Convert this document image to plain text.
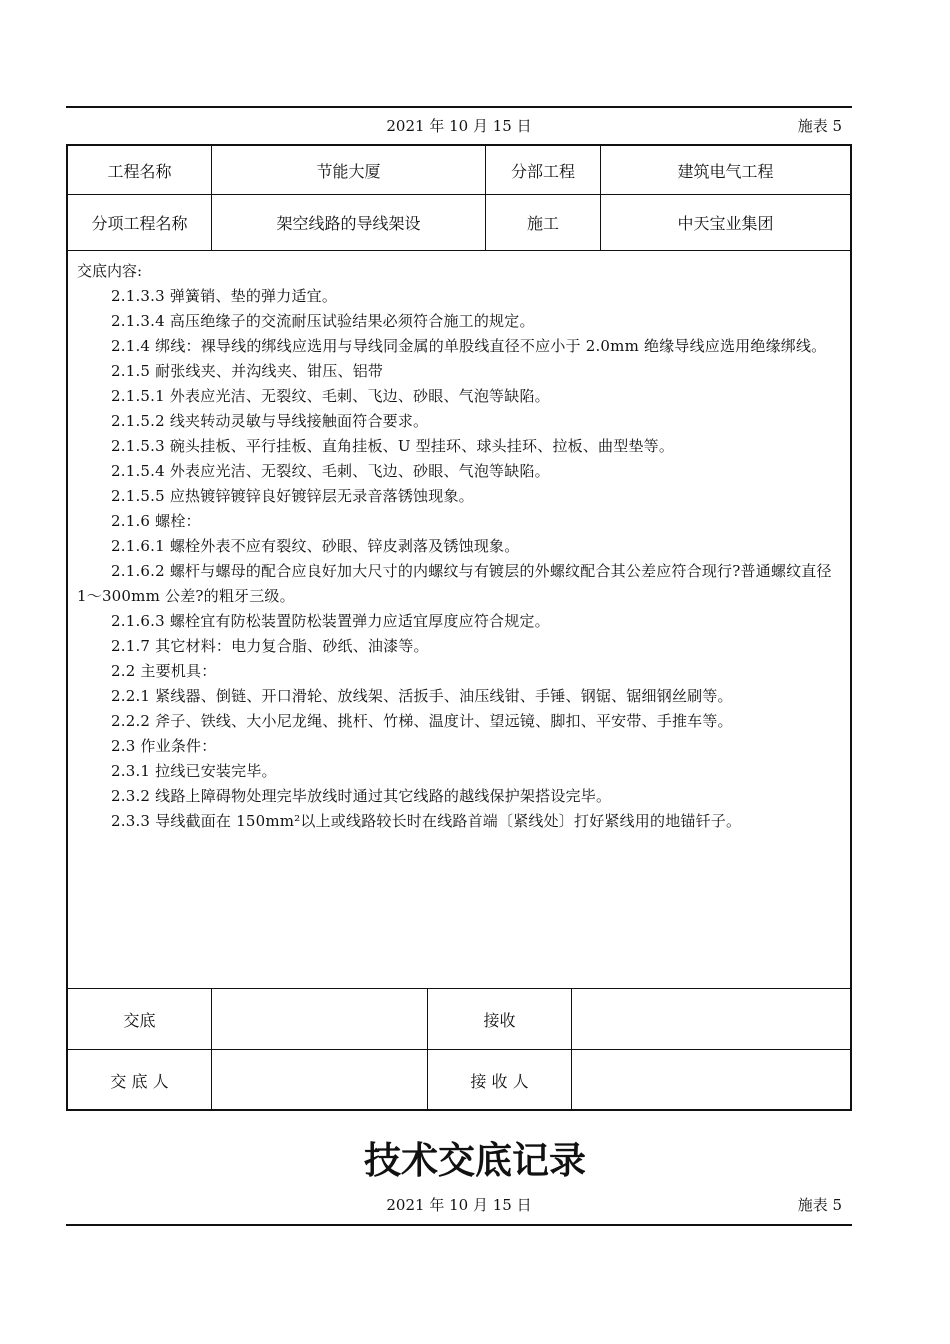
2021 年 10 月 15 日	施表 5
工程名称	节能大厦	分部工程	建筑电气工程
分项工程名称	架空线路的导线架设	施工	中天宝业集团
交底内容:

2.1.3.3 弹簧销、垫的弹力适宜。

2.1.3.4 高压绝缘子的交流耐压试验结果必须符合施工的规定。

2.1.4 绑线：裸导线的绑线应选用与导线同金属的单股线直径不应小于 2.0mm 绝缘导线应选用绝缘绑线。

2.1.5 耐张线夹、并沟线夹、钳压、铝带

2.1.5.1 外表应光洁、无裂纹、毛刺、飞边、砂眼、气泡等缺陷。

2.1.5.2 线夹转动灵敏与导线接触面符合要求。

2.1.5.3 碗头挂板、平行挂板、直角挂板、U 型挂环、球头挂环、拉板、曲型垫等。

2.1.5.4 外表应光洁、无裂纹、毛刺、飞边、砂眼、气泡等缺陷。

2.1.5.5 应热镀锌镀锌良好镀锌层无录音落锈蚀现象。

2.1.6 螺栓：

2.1.6.1 螺栓外表不应有裂纹、砂眼、锌皮剥落及锈蚀现象。

2.1.6.2 螺杆与螺母的配合应良好加大尺寸的内螺纹与有镀层的外螺纹配合其公差应符合现行?普通螺纹直径 1～300mm 公差?的粗牙三级。

2.1.6.3 螺栓宜有防松装置防松装置弹力应适宜厚度应符合规定。

2.1.7 其它材料：电力复合脂、砂纸、油漆等。

2.2 主要机具：

2.2.1 紧线器、倒链、开口滑轮、放线架、活扳手、油压线钳、手锤、钢锯、锯细钢丝刷等。

2.2.2 斧子、铁线、大小尼龙绳、挑杆、竹梯、温度计、望远镜、脚扣、平安带、手推车等。

2.3 作业条件：

2.3.1 拉线已安装完毕。

2.3.2 线路上障碍物处理完毕放线时通过其它线路的越线保护架搭设完毕。

2.3.3 导线截面在 150mm²以上或线路较长时在线路首端〔紧线处〕打好紧线用的地锚钎子。

交底	接收
交 底 人	接 收 人
技术交底记录
2021 年 10 月 15 日	施表 5
